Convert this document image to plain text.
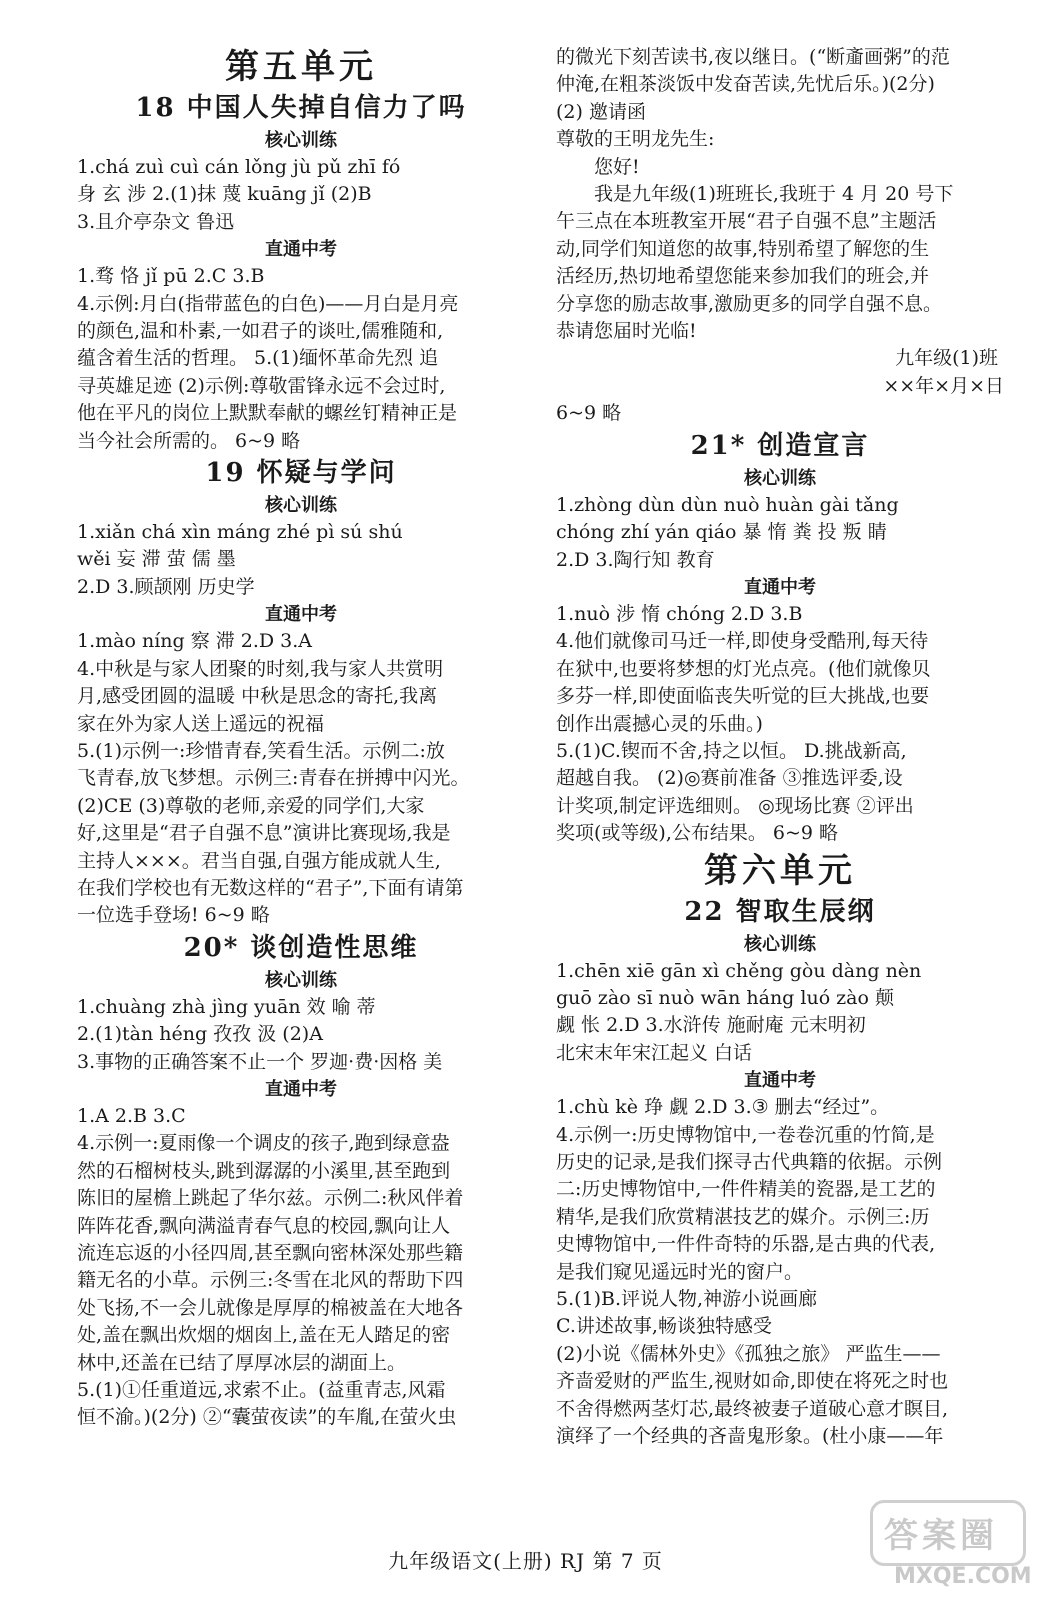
第五单元
18 中国人失掉自信力了吗
核心训练
1.chá zuì cuì cán lǒng jù pǔ zhī fó
身 玄 涉 2.(1)抹 蔑 kuāng jǐ (2)B
3.且介亭杂文 鲁迅
直通中考
1.骛 恪 jǐ pū 2.C 3.B
4.示例:月白(指带蓝色的白色)——月白是月亮
的颜色,温和朴素,一如君子的谈吐,儒雅随和,
蕴含着生活的哲理。 5.(1)缅怀革命先烈 追
寻英雄足迹 (2)示例:尊敬雷锋永远不会过时,
他在平凡的岗位上默默奉献的螺丝钉精神正是
当今社会所需的。 6~9 略
19 怀疑与学问
核心训练
1.xiǎn chá xìn máng zhé pì sú shú
wěi 妄 滞 萤 儒 墨
2.D 3.顾颉刚 历史学
直通中考
1.mào níng 察 滞 2.D 3.A
4.中秋是与家人团聚的时刻,我与家人共赏明
月,感受团圆的温暖 中秋是思念的寄托,我离
家在外为家人送上遥远的祝福
5.(1)示例一:珍惜青春,笑看生活。示例二:放
飞青春,放飞梦想。示例三:青春在拼搏中闪光。
(2)CE (3)尊敬的老师,亲爱的同学们,大家
好,这里是“君子自强不息”演讲比赛现场,我是
主持人×××。君当自强,自强方能成就人生,
在我们学校也有无数这样的“君子”,下面有请第
一位选手登场! 6~9 略
20* 谈创造性思维
核心训练
1.chuàng zhà jìng yuān 效 喻 蒂
2.(1)tàn héng 孜孜 汲 (2)A
3.事物的正确答案不止一个 罗迦·费·因格 美
直通中考
1.A 2.B 3.C
4.示例一:夏雨像一个调皮的孩子,跑到绿意盎
然的石榴树枝头,跳到潺潺的小溪里,甚至跑到
陈旧的屋檐上跳起了华尔兹。示例二:秋风伴着
阵阵花香,飘向满溢青春气息的校园,飘向让人
流连忘返的小径四周,甚至飘向密林深处那些籍
籍无名的小草。示例三:冬雪在北风的帮助下四
处飞扬,不一会儿就像是厚厚的棉被盖在大地各
处,盖在飘出炊烟的烟囱上,盖在无人踏足的密
林中,还盖在已结了厚厚冰层的湖面上。
5.(1)①任重道远,求索不止。(益重青志,风霜
恒不渝。)(2分) ②“囊萤夜读”的车胤,在萤火虫
的微光下刻苦读书,夜以继日。(“断齑画粥”的范
仲淹,在粗茶淡饭中发奋苦读,先忧后乐。)(2分)
(2) 邀请函
尊敬的王明龙先生:
您好!
我是九年级(1)班班长,我班于 4 月 20 号下
午三点在本班教室开展“君子自强不息”主题活
动,同学们知道您的故事,特别希望了解您的生
活经历,热切地希望您能来参加我们的班会,并
分享您的励志故事,激励更多的同学自强不息。
恭请您届时光临!
九年级(1)班
××年×月×日
6~9 略
21* 创造宣言
核心训练
1.zhòng dùn dùn nuò huàn gài tǎng
chóng zhí yán qiáo 暴 惰 粪 投 叛 睛
2.D 3.陶行知 教育
直通中考
1.nuò 涉 惰 chóng 2.D 3.B
4.他们就像司马迁一样,即使身受酷刑,每天待
在狱中,也要将梦想的灯光点亮。(他们就像贝
多芬一样,即使面临丧失听觉的巨大挑战,也要
创作出震撼心灵的乐曲。)
5.(1)C.锲而不舍,持之以恒。 D.挑战新高,
超越自我。 (2)◎赛前准备 ③推选评委,设
计奖项,制定评选细则。 ◎现场比赛 ②评出
奖项(或等级),公布结果。 6~9 略
第六单元
22 智取生辰纲
核心训练
1.chēn xiē gān xì chěng gòu dàng nèn
guō zào sī nuò wān háng luó zào 颠
觑 怅 2.D 3.水浒传 施耐庵 元末明初
北宋末年宋江起义 白话
直通中考
1.chù kè 琤 觑 2.D 3.③ 删去“经过”。
4.示例一:历史博物馆中,一卷卷沉重的竹简,是
历史的记录,是我们探寻古代典籍的依据。示例
二:历史博物馆中,一件件精美的瓷器,是工艺的
精华,是我们欣赏精湛技艺的媒介。示例三:历
史博物馆中,一件件奇特的乐器,是古典的代表,
是我们窥见遥远时光的窗户。
5.(1)B.评说人物,神游小说画廊
C.讲述故事,畅谈独特感受
(2)小说《儒林外史》《孤独之旅》 严监生——
齐啬爱财的严监生,视财如命,即使在将死之时也
不舍得燃两茎灯芯,最终被妻子道破心意才瞑目,
演绎了一个经典的吝啬鬼形象。(杜小康——年
九年级语文(上册) RJ 第 7 页
答案圈
MXQE.COM
